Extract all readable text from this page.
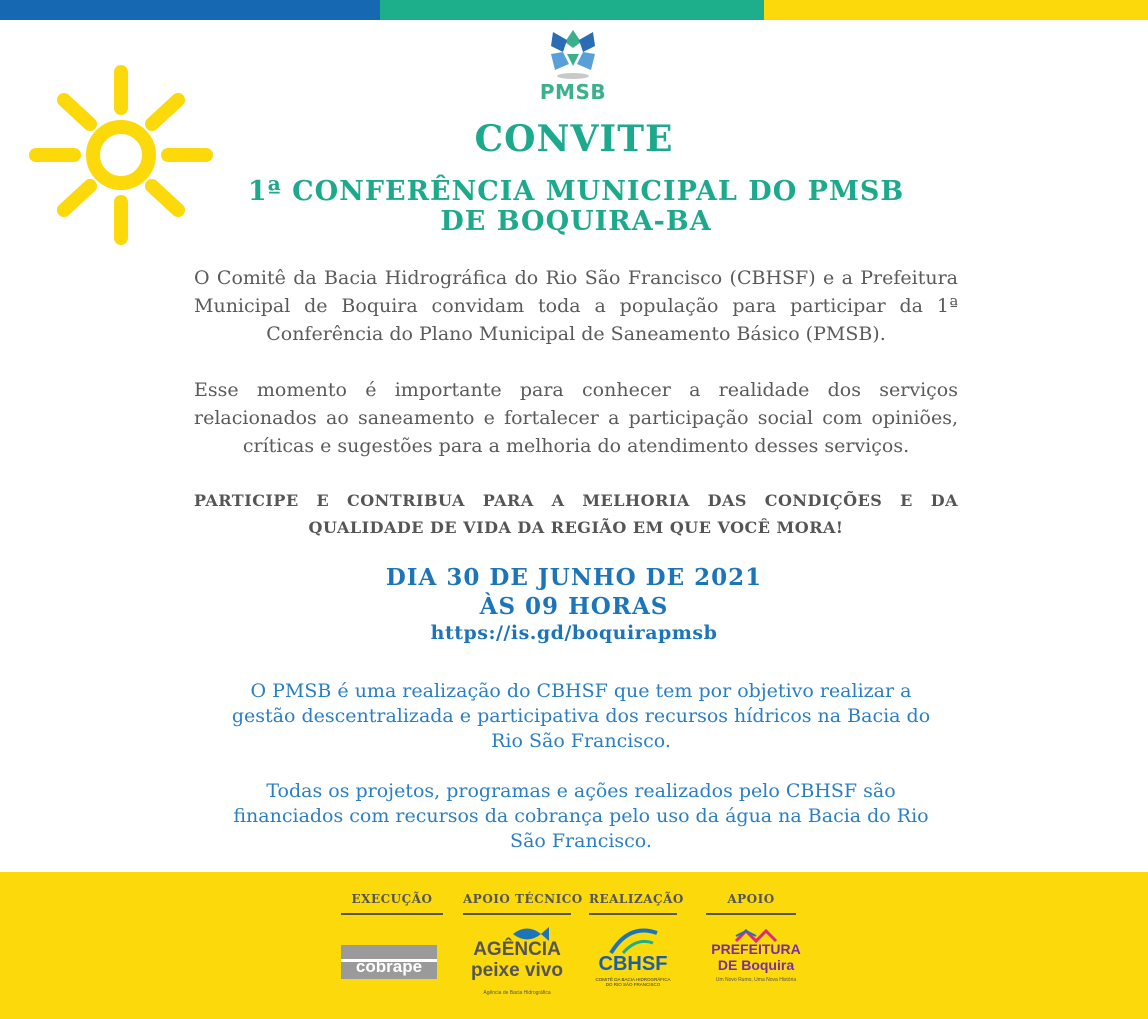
PMSB
CONVITE
1ª CONFERÊNCIA MUNICIPAL DO PMSB DE BOQUIRA-BA
O Comitê da Bacia Hidrográfica do Rio São Francisco (CBHSF) e a Prefeitura Municipal de Boquira convidam toda a população para participar da 1ª Conferência do Plano Municipal de Saneamento Básico (PMSB).
Esse momento é importante para conhecer a realidade dos serviços relacionados ao saneamento e fortalecer a participação social com opiniões, críticas e sugestões para a melhoria do atendimento desses serviços.
PARTICIPE E CONTRIBUA PARA A MELHORIA DAS CONDIÇÕES E DA QUALIDADE DE VIDA DA REGIÃO EM QUE VOCÊ MORA!
DIA 30 DE JUNHO DE 2021
ÀS 09 HORAS
https://is.gd/boquirapmsb
O PMSB é uma realização do CBHSF que tem por objetivo realizar a gestão descentralizada e participativa dos recursos hídricos na Bacia do Rio São Francisco.
Todas os projetos, programas e ações realizados pelo CBHSF são financiados com recursos da cobrança pelo uso da água na Bacia do Rio São Francisco.
EXECUÇÃO
cobrape
APOIO TÉCNICO
AGÊNCIA peixe vivo
Agência de Bacia Hidrográfica
REALIZAÇÃO
CBHSF
COMITÊ DA BACIA HIDROGRÁFICA DO RIO SÃO FRANCISCO
APOIO
PREFEITURA DE Boquira
Um Novo Rumo, Uma Nova História
